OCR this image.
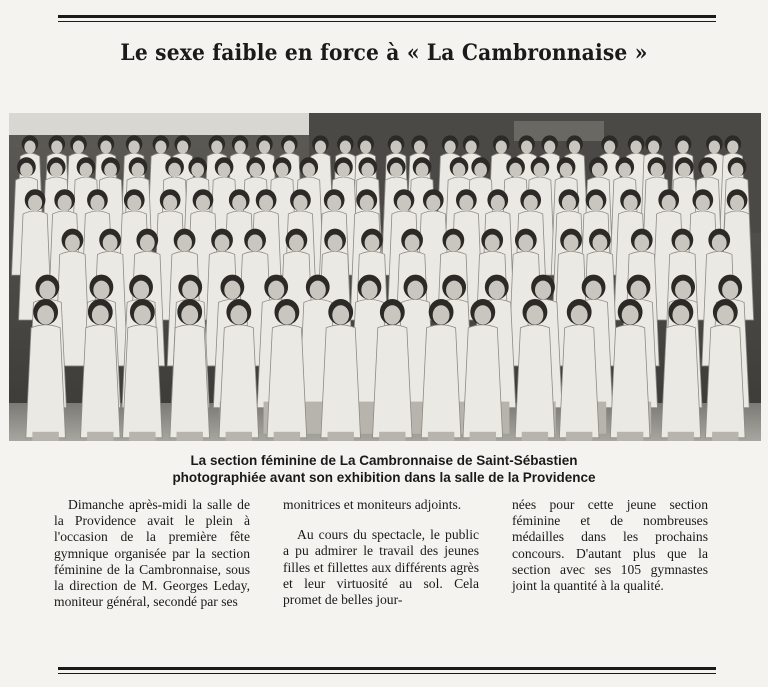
Le sexe faible en force à « La Cambronnaise »
La section féminine de La Cambronnaise de Saint-Sébastien
photographiée avant son exhibition dans la salle de la Providence

Dimanche après-midi la salle de la Providence avait le plein à l'occasion de la première fête gymnique organisée par la section féminine de la Cambronnaise, sous la direction de M. Georges Leday, moniteur général, secondé par ses

monitrices et moniteurs adjoints.

Au cours du spectacle, le public a pu admirer le travail des jeunes filles et fillettes aux différents agrès et leur virtuosité au sol. Cela promet de belles jour-

nées pour cette jeune section féminine et de nombreuses médailles dans les prochains concours. D'autant plus que la section avec ses 105 gymnastes joint la quantité à la qualité.
